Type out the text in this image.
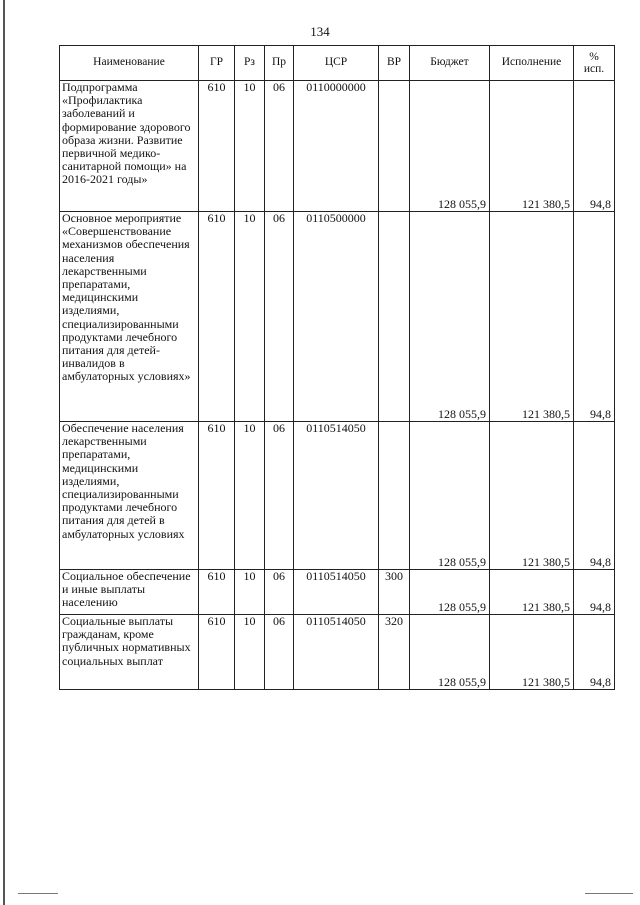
134
Наименование	ГР	Рз	Пр	ЦСР	ВР	Бюджет	Исполнение	%
исп.

Подпрограмма «Профилактика заболеваний и формирование здорового образа жизни. Развитие первичной медико-санитарной помощи» на 2016-2021 годы»	610	10	06	0110000000		128 055,9	121 380,5	94,8
Основное мероприятие «Совершенствование механизмов обеспечения населения лекарственными препаратами, медицинскими изделиями, специализированными продуктами лечебного питания для детей-инвалидов в амбулаторных условиях»	610	10	06	0110500000		128 055,9	121 380,5	94,8
Обеспечение населения лекарственными препаратами, медицинскими изделиями, специализированными продуктами лечебного питания для детей в амбулаторных условиях	610	10	06	0110514050		128 055,9	121 380,5	94,8
Социальное обеспечение и иные выплаты населению	610	10	06	0110514050	300	128 055,9	121 380,5	94,8
Социальные выплаты гражданам, кроме публичных нормативных социальных выплат	610	10	06	0110514050	320	128 055,9	121 380,5	94,8
